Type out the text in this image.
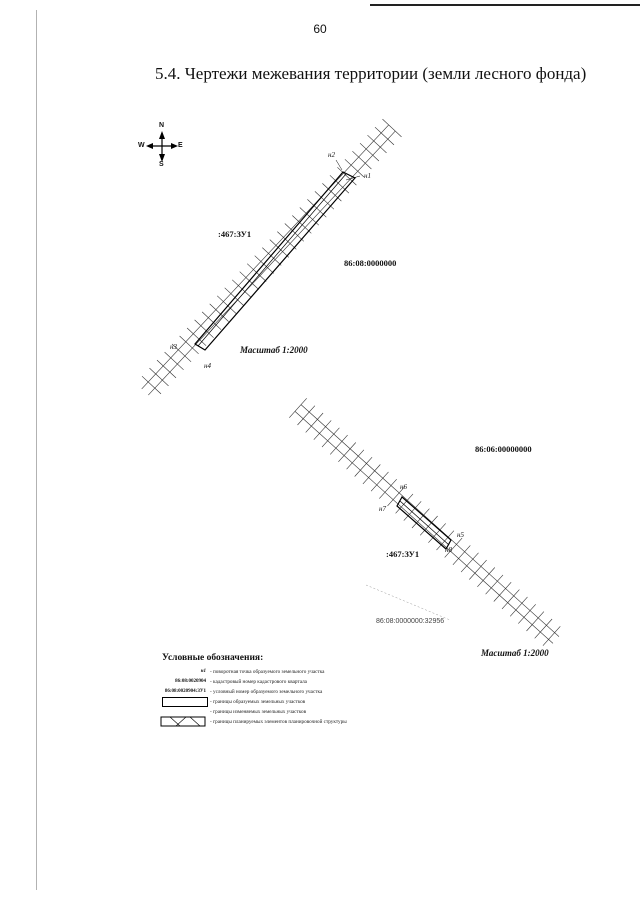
60
5.4. Чертежи межевания территории (земли лесного фонда)
N
W	E
S
н1
н2
н3
н4
:467:ЗУ1
86:08:0000000
Масштаб 1:2000
н5
н6
н7
н8
:467:ЗУ1
86:06:00000000
86:08:0000000:32956
Масштаб 1:2000
Условные обозначения:
н1 - поворотная точка образуемого земельного участка
86:08:0020904 - кадастровый номер кадастрового квартала
86:08:0020904:ЗУ1 - условный номер образуемого земельного участка
- границы образуемых земельных участков
- границы изменяемых земельных участков
- границы планируемых элементов планировочной структуры
